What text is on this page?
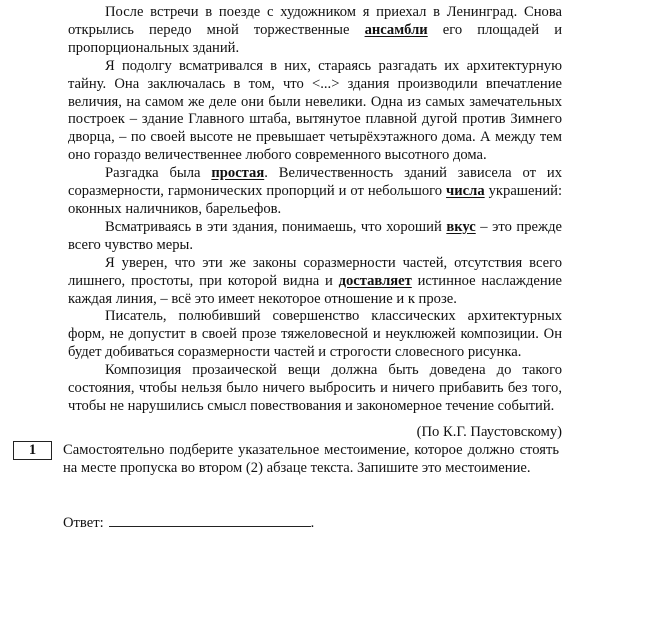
После встречи в поезде с художником я приехал в Ленинград. Снова открылись передо мной торжественные ансамбли его площадей и пропорциональных зданий.

Я подолгу всматривался в них, стараясь разгадать их архитектурную тайну. Она заключалась в том, что <...> здания производили впечатление величия, на самом же деле они были невелики. Одна из самых замечательных построек – здание Главного штаба, вытянутое плавной дугой против Зимнего дворца, – по своей высоте не превышает четырёхэтажного дома. А между тем оно гораздо величественнее любого современного высотного дома.

Разгадка была простая. Величественность зданий зависела от их соразмерности, гармонических пропорций и от небольшого числа украшений: оконных наличников, барельефов.

Всматриваясь в эти здания, понимаешь, что хороший вкус – это прежде всего чувство меры.

Я уверен, что эти же законы соразмерности частей, отсутствия всего лишнего, простоты, при которой видна и доставляет истинное наслаждение каждая линия, – всё это имеет некоторое отношение и к прозе.

Писатель, полюбивший совершенство классических архитектурных форм, не допустит в своей прозе тяжеловесной и неуклюжей композиции. Он будет добиваться соразмерности частей и строгости словесного рисунка.

Композиция прозаической вещи должна быть доведена до такого состояния, чтобы нельзя было ничего выбросить и ничего прибавить без того, чтобы не нарушились смысл повествования и закономерное течение событий.

(По К.Г. Паустовскому)

1	Самостоятельно подберите указательное местоимение, которое должно стоять на месте пропуска во втором (2) абзаце текста. Запишите это местоимение.
Ответ:	.
